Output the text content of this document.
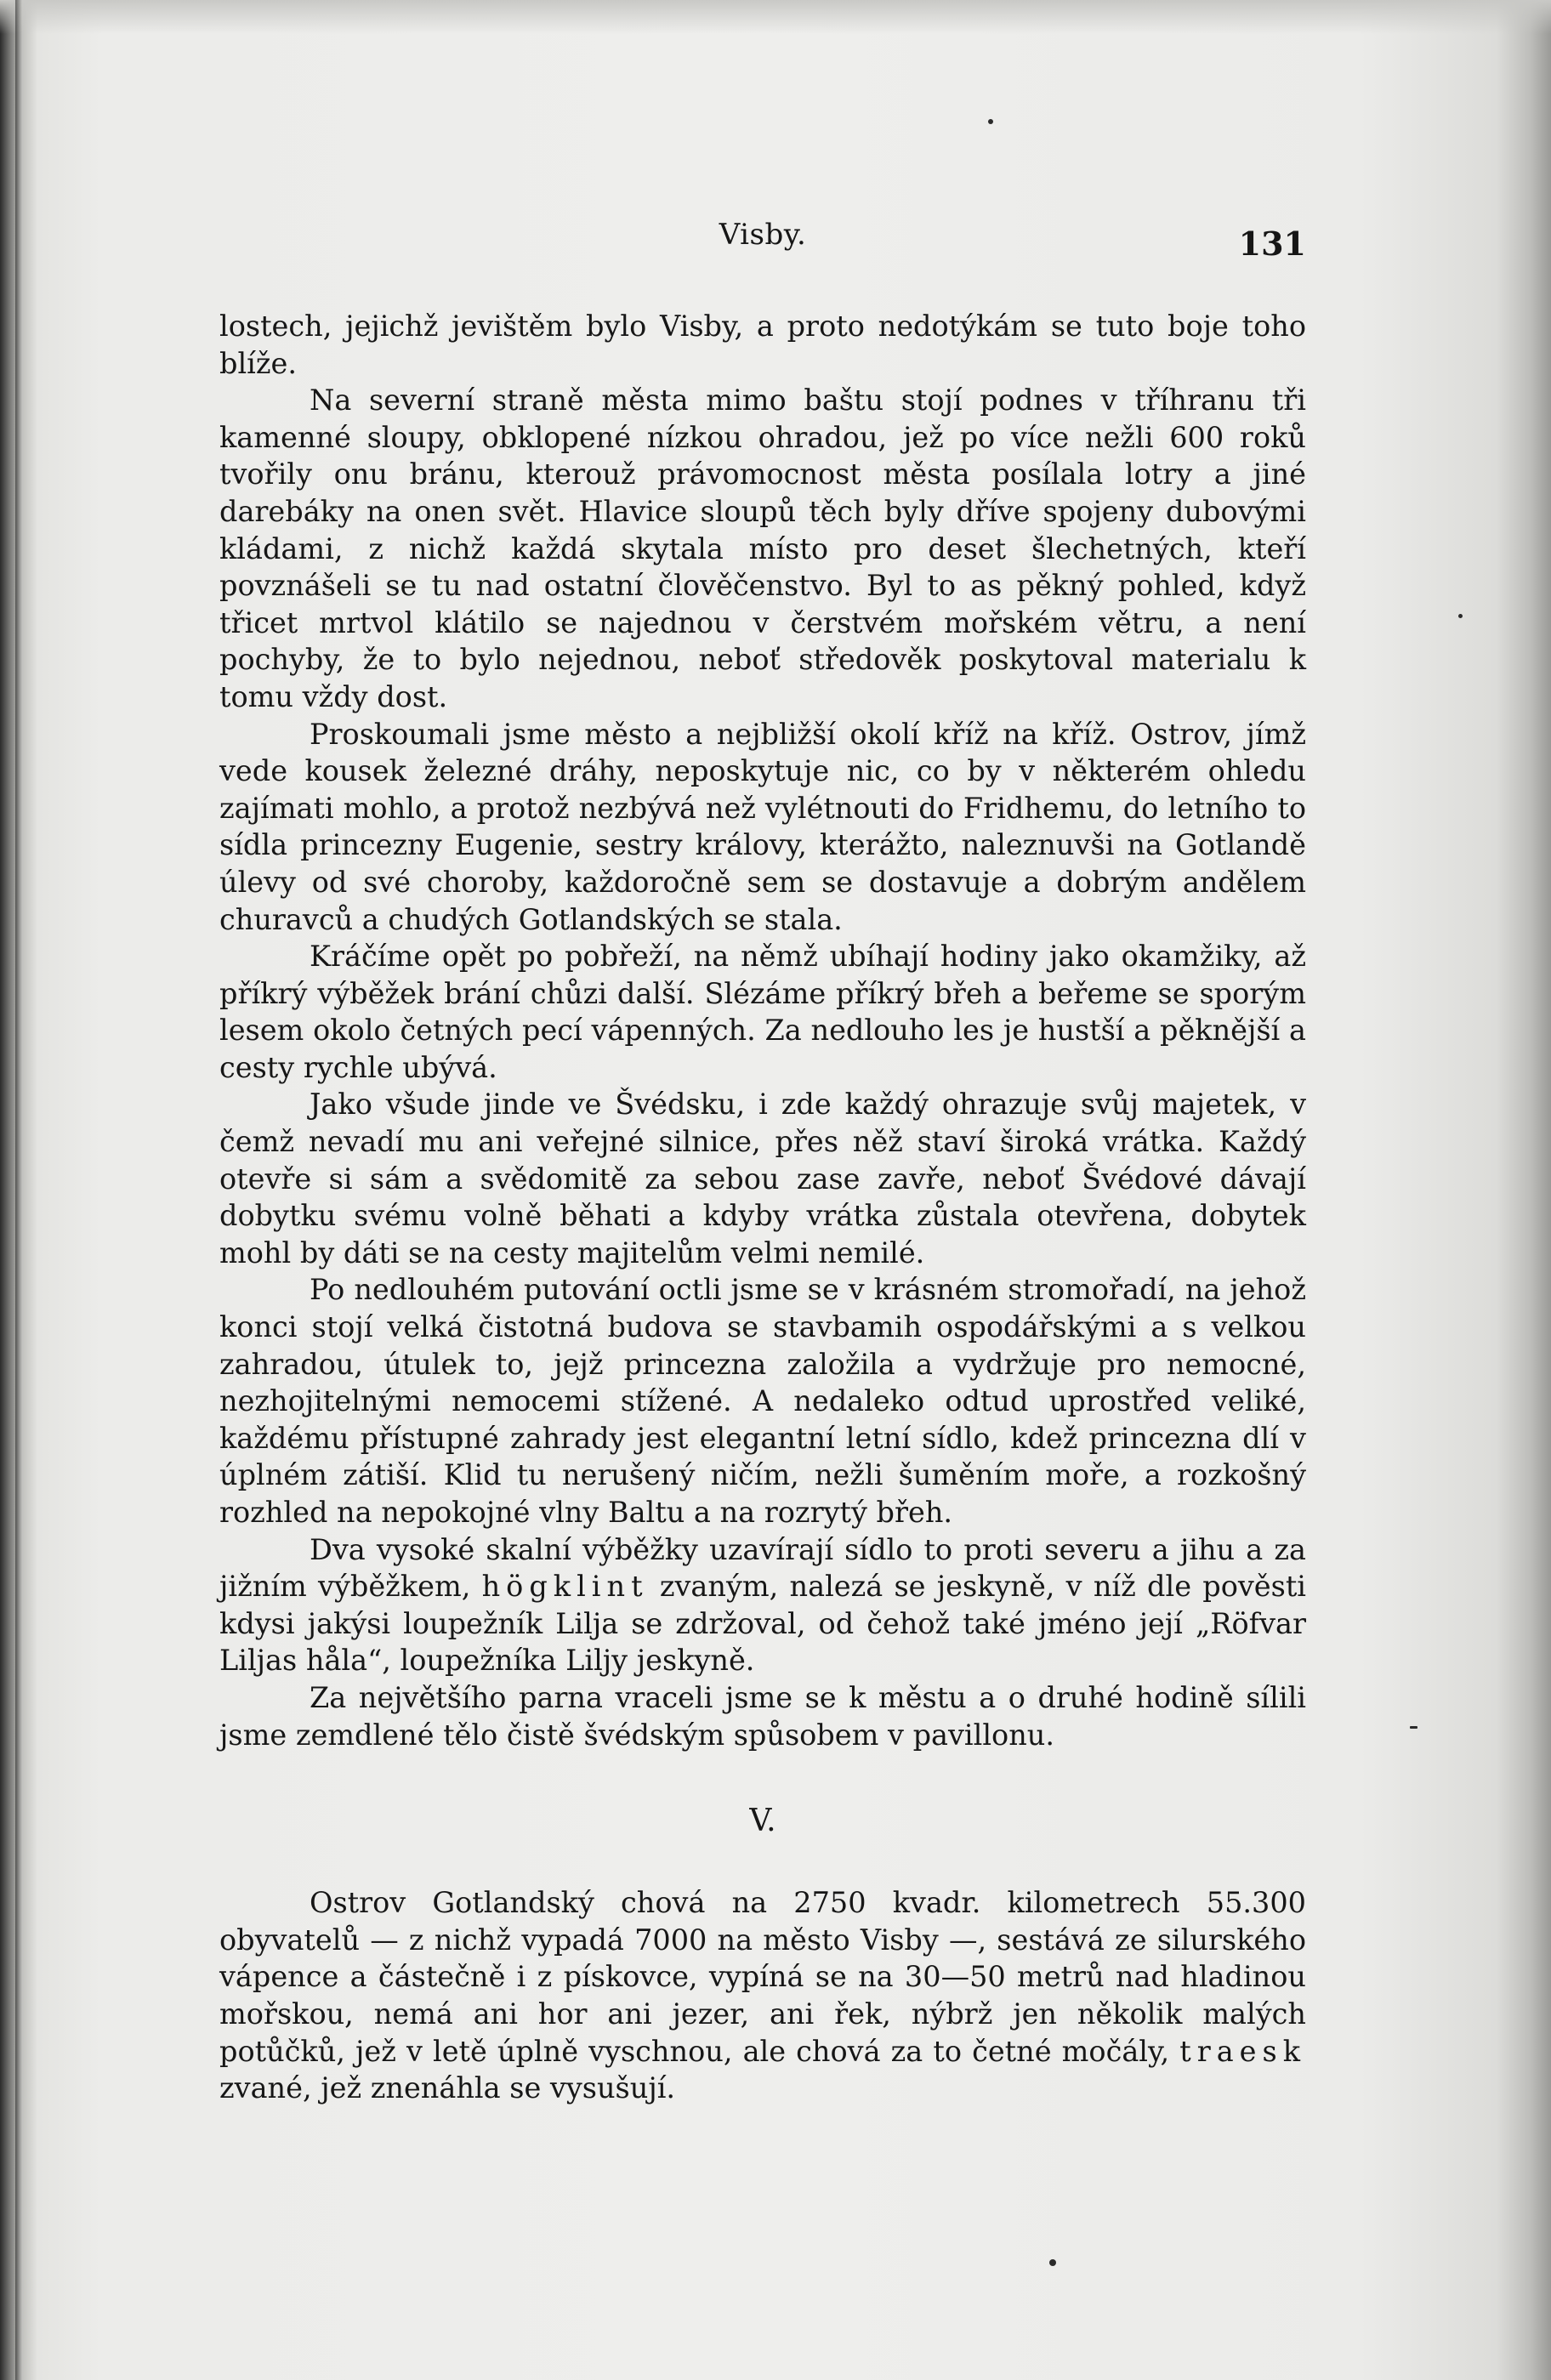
Visby.	131

lostech, jejichž jevištěm bylo Visby, a proto nedotýkám se tuto boje toho blíže.

Na severní straně města mimo baštu stojí podnes v tříhranu tři kamenné sloupy, obklopené nízkou ohradou, jež po více nežli 600 roků tvořily onu bránu, kterouž právomocnost města posílala lotry a jiné darebáky na onen svět. Hlavice sloupů těch byly dříve spojeny dubovými kládami, z nichž každá skytala místo pro deset šlechetných, kteří povznášeli se tu nad ostatní člověčenstvo. Byl to as pěkný pohled, když třicet mrtvol klátilo se najednou v čerstvém mořském větru, a není pochyby, že to bylo nejednou, neboť středověk poskytoval materialu k tomu vždy dost.

Proskoumali jsme město a nejbližší okolí kříž na kříž. Ostrov, jímž vede kousek železné dráhy, neposkytuje nic, co by v některém ohledu zajímati mohlo, a protož nezbývá než vylétnouti do Fridhemu, do letního to sídla princezny Eugenie, sestry královy, kterážto, naleznuvši na Gotlandě úlevy od své choroby, každoročně sem se dostavuje a dobrým andělem churavců a chudých Gotlandských se stala.

Kráčíme opět po pobřeží, na němž ubíhají hodiny jako okamžiky, až příkrý výběžek brání chůzi další. Slézáme příkrý břeh a beřeme se sporým lesem okolo četných pecí vápenných. Za nedlouho les je hustší a pěknější a cesty rychle ubývá.

Jako všude jinde ve Švédsku, i zde každý ohrazuje svůj majetek, v čemž nevadí mu ani veřejné silnice, přes něž staví široká vrátka. Každý otevře si sám a svědomitě za sebou zase zavře, neboť Švédové dávají dobytku svému volně běhati a kdyby vrátka zůstala otevřena, dobytek mohl by dáti se na cesty majitelům velmi nemilé.

Po nedlouhém putování octli jsme se v krásném stromořadí, na jehož konci stojí velká čistotná budova se stavbamih ospodářskými a s velkou zahradou, útulek to, jejž princezna založila a vydržuje pro nemocné, nezhojitelnými nemocemi stížené. A nedaleko odtud uprostřed veliké, každému přístupné zahrady jest elegantní letní sídlo, kdež princezna dlí v úplném zátiší. Klid tu nerušený ničím, nežli šuměním moře, a rozkošný rozhled na nepokojné vlny Baltu a na rozrytý břeh.

Dva vysoké skalní výběžky uzavírají sídlo to proti severu a jihu a za jižním výběžkem, högklint zvaným, nalezá se jeskyně, v níž dle pověsti kdysi jakýsi loupežník Lilja se zdržoval, od čehož také jméno její „Röfvar Liljas håla“, loupežníka Lilјy jeskyně.

Za největšího parna vraceli jsme se k městu a o druhé hodině sílili jsme zemdlené tělo čistě švédským spůsobem v pavillonu.

V.

Ostrov Gotlandský chová na 2750 kvadr. kilometrech 55.300 obyvatelů — z nichž vypadá 7000 na město Visby —, sestává ze silurského vápence a částečně i z pískovce, vypíná se na 30—50 metrů nad hladinou mořskou, nemá ani hor ani jezer, ani řek, nýbrž jen několik malých potůčků, jež v letě úplně vyschnou, ale chová za to četné močály, traesk zvané, jež znenáhla se vysušují.
